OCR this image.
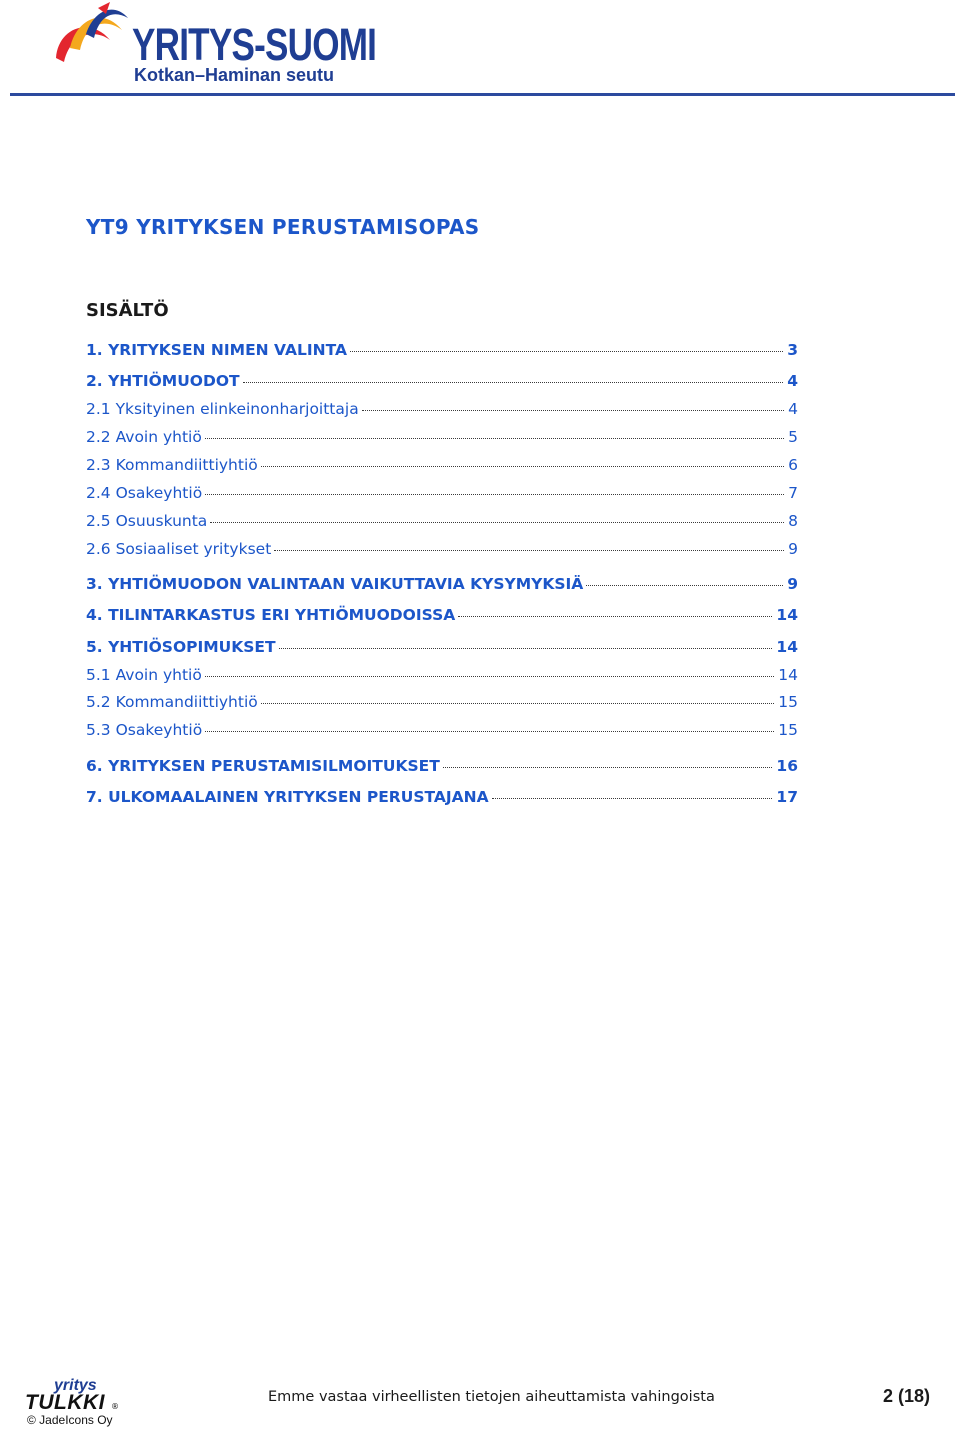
YRITYS-SUOMI
Kotkan–Haminan seutu
YT9 YRITYKSEN PERUSTAMISOPAS
SISÄLTÖ
1. YRITYKSEN NIMEN VALINTA	3
2. YHTIÖMUODOT	4
2.1 Yksityinen elinkeinonharjoittaja	4
2.2 Avoin yhtiö	5
2.3 Kommandiittiyhtiö	6
2.4 Osakeyhtiö	7
2.5 Osuuskunta	8
2.6 Sosiaaliset yritykset	9
3. YHTIÖMUODON VALINTAAN VAIKUTTAVIA KYSYMYKSIÄ	9
4. TILINTARKASTUS ERI YHTIÖMUODOISSA	14
5. YHTIÖSOPIMUKSET	14
5.1 Avoin yhtiö	14
5.2 Kommandiittiyhtiö	15
5.3 Osakeyhtiö	15
6. YRITYKSEN PERUSTAMISILMOITUKSET	16
7. ULKOMAALAINEN YRITYKSEN PERUSTAJANA	17
yritys
TULKKI ®
© JadeIcons Oy
Emme vastaa virheellisten tietojen aiheuttamista vahingoista	2 (18)
